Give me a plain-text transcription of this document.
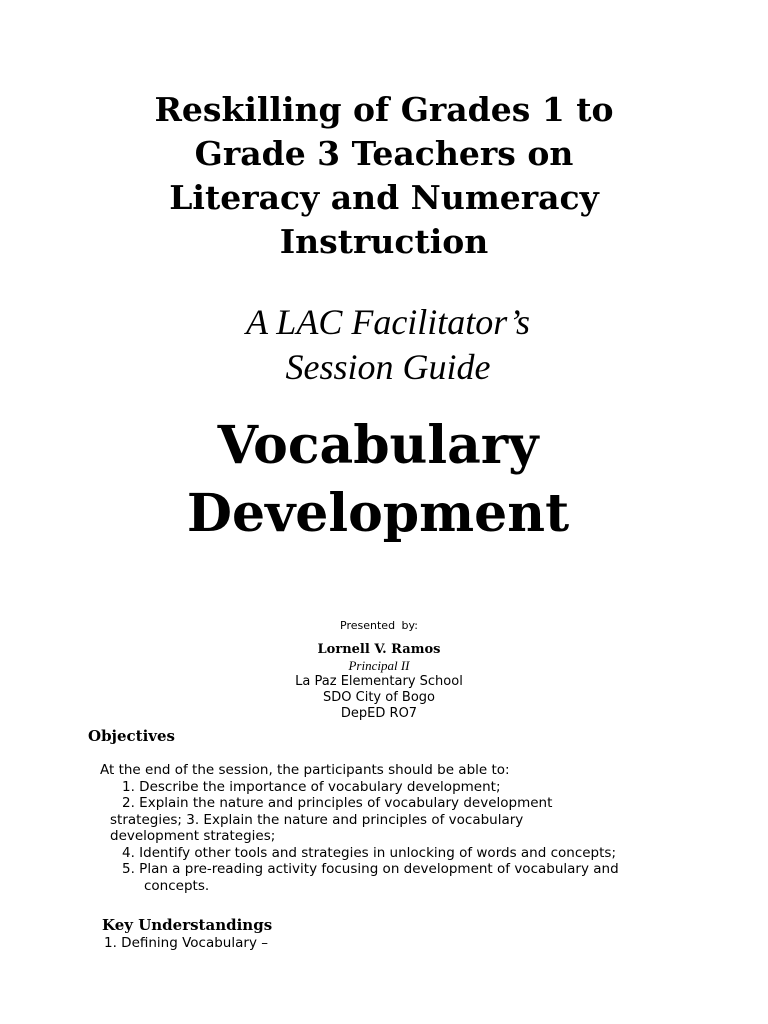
Reskilling of Grades 1 to
Grade 3 Teachers on
Literacy and Numeracy
Instruction
A LAC Facilitator’s
Session Guide
Vocabulary
Development
Presented by:
Lornell V. Ramos
Principal II
La Paz Elementary School
SDO City of Bogo
DepED RO7
Objectives

At the end of the session, the participants should be able to:

1. Describe the importance of vocabulary development;

2. Explain the nature and principles of vocabulary development

strategies; 3. Explain the nature and principles of vocabulary

development strategies;

4. Identify other tools and strategies in unlocking of words and concepts;

5. Plan a pre-reading activity focusing on development of vocabulary and
concepts.

Key Understandings
1. Defining Vocabulary –
